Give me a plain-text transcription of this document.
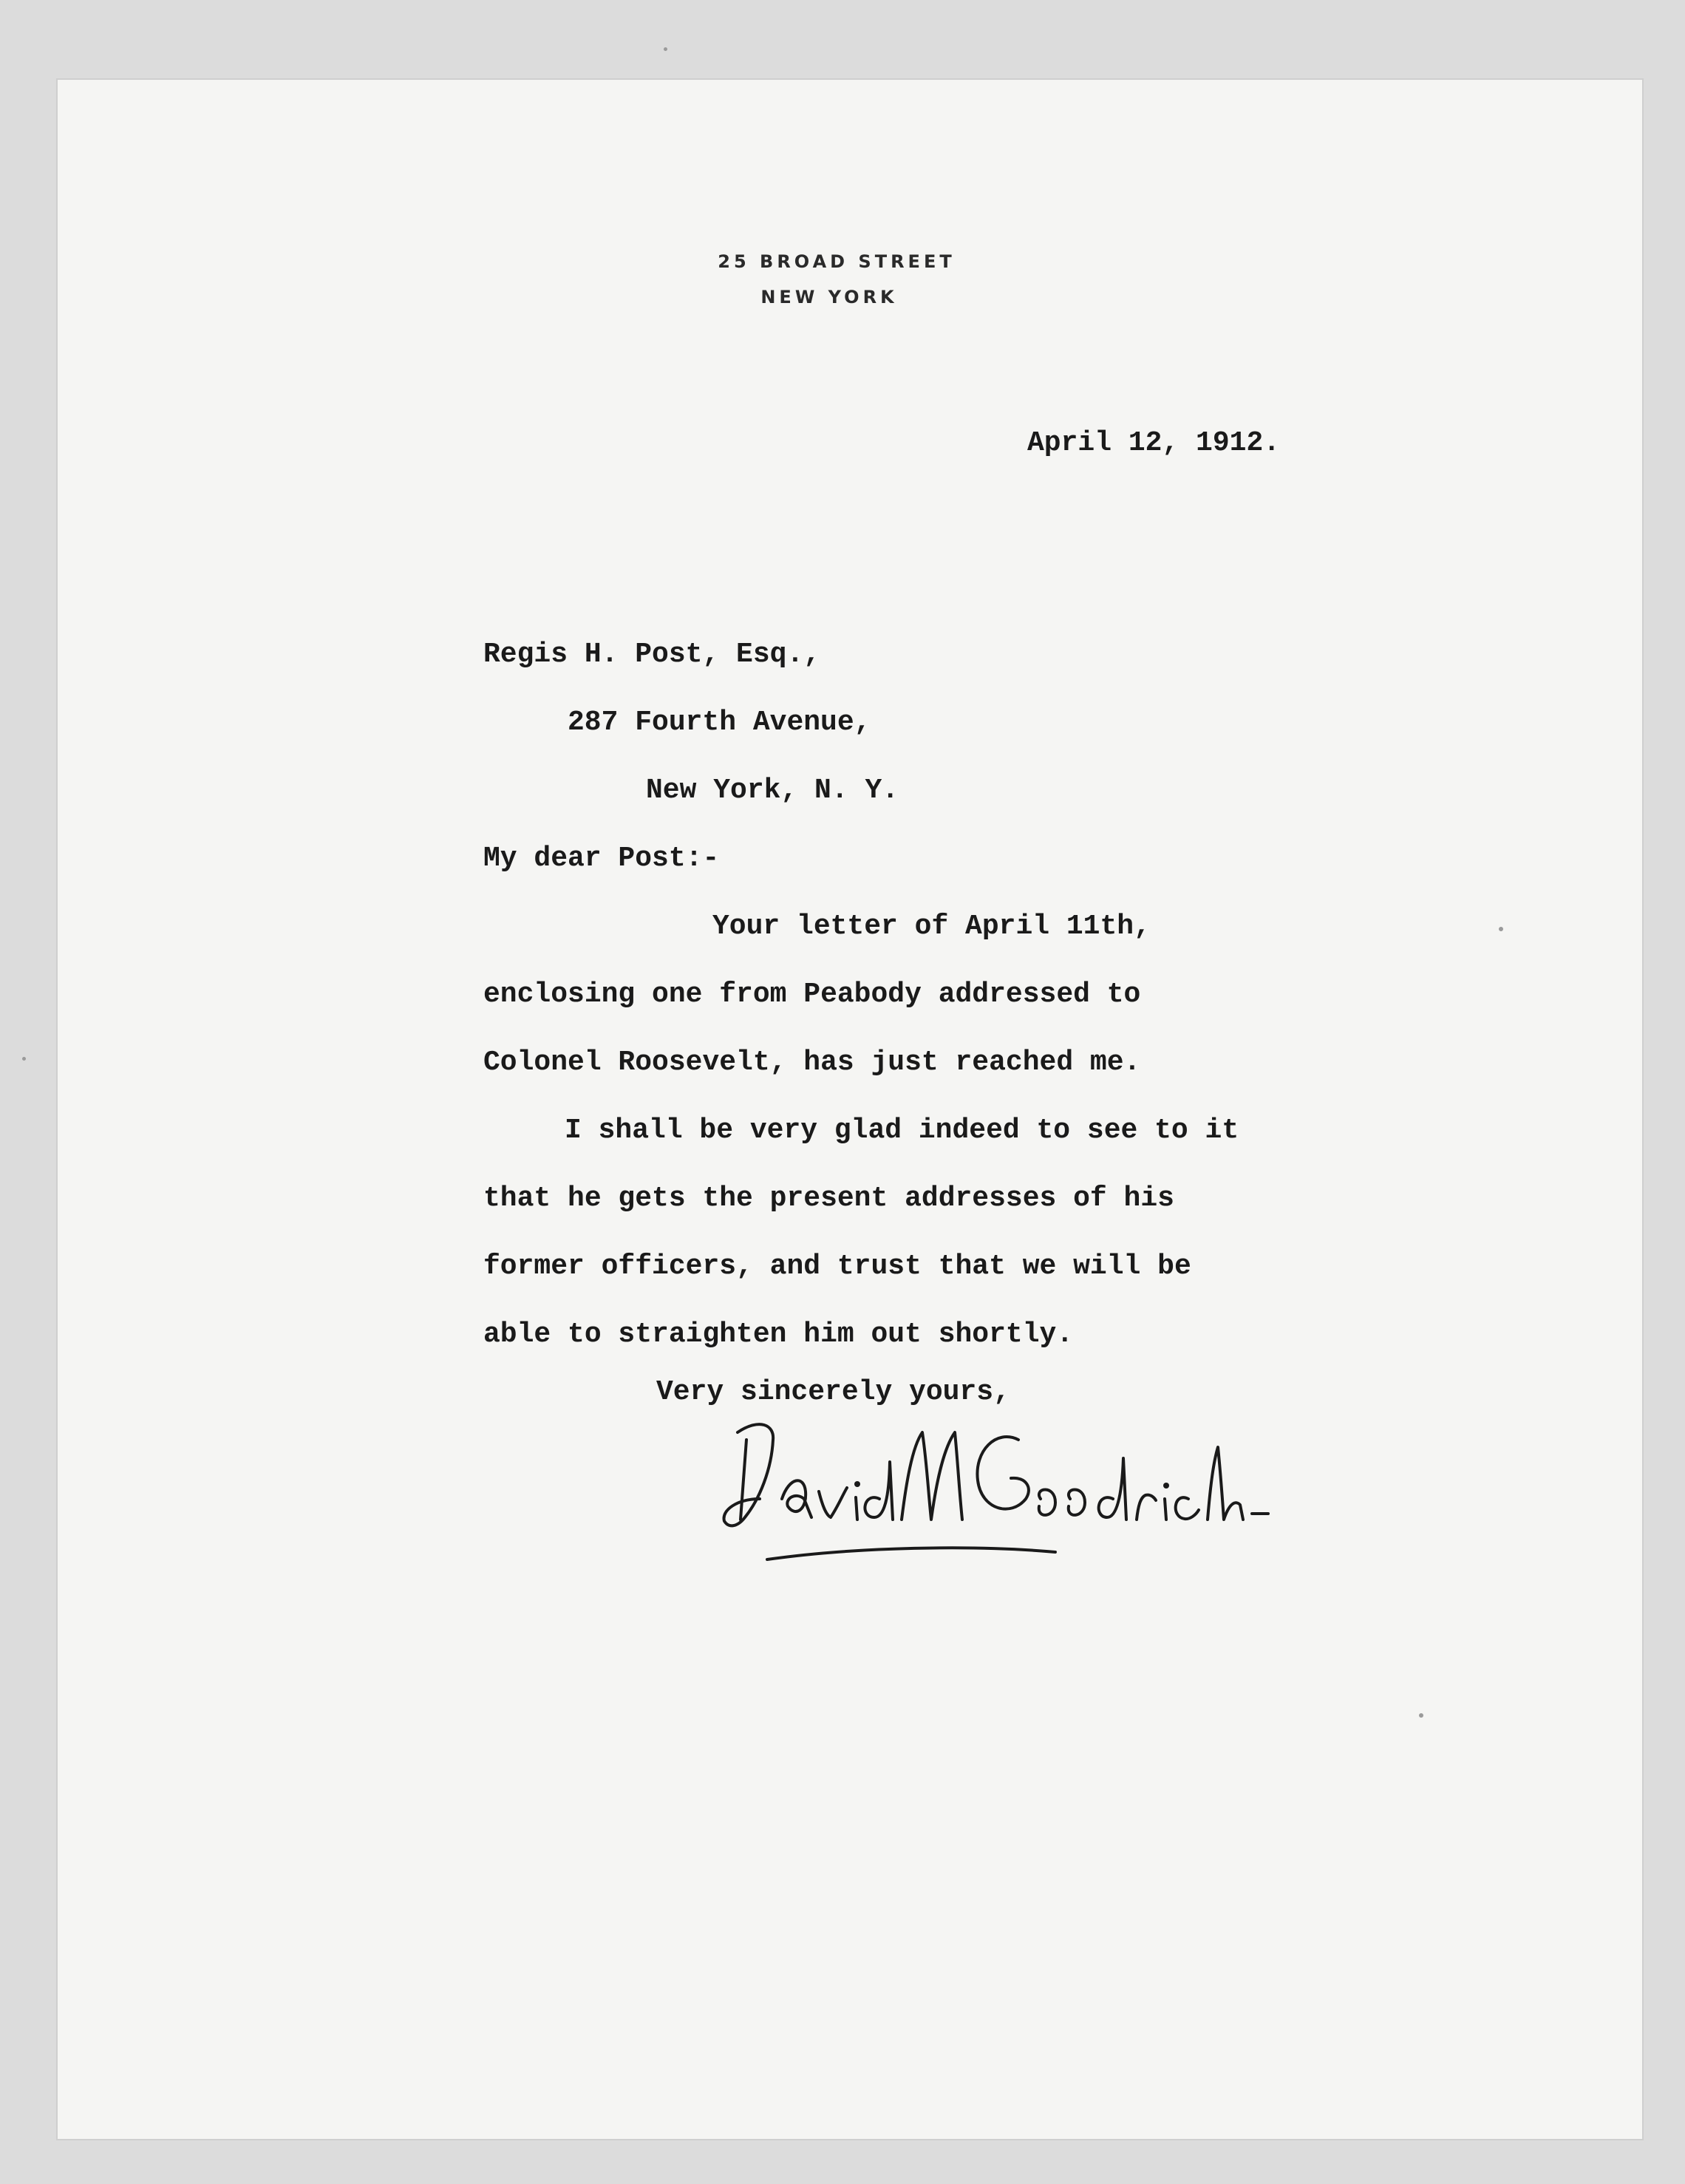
25 BROAD STREET
NEW YORK
April 12, 1912.
Regis H. Post, Esq.,
287 Fourth Avenue,
New York, N. Y.
My dear Post:-
Your letter of April 11th,
enclosing one from Peabody addressed to
Colonel Roosevelt, has just reached me.
I shall be very glad indeed to see to it
that he gets the present addresses of his
former officers, and trust that we will be
able to straighten him out shortly.
Very sincerely yours,
